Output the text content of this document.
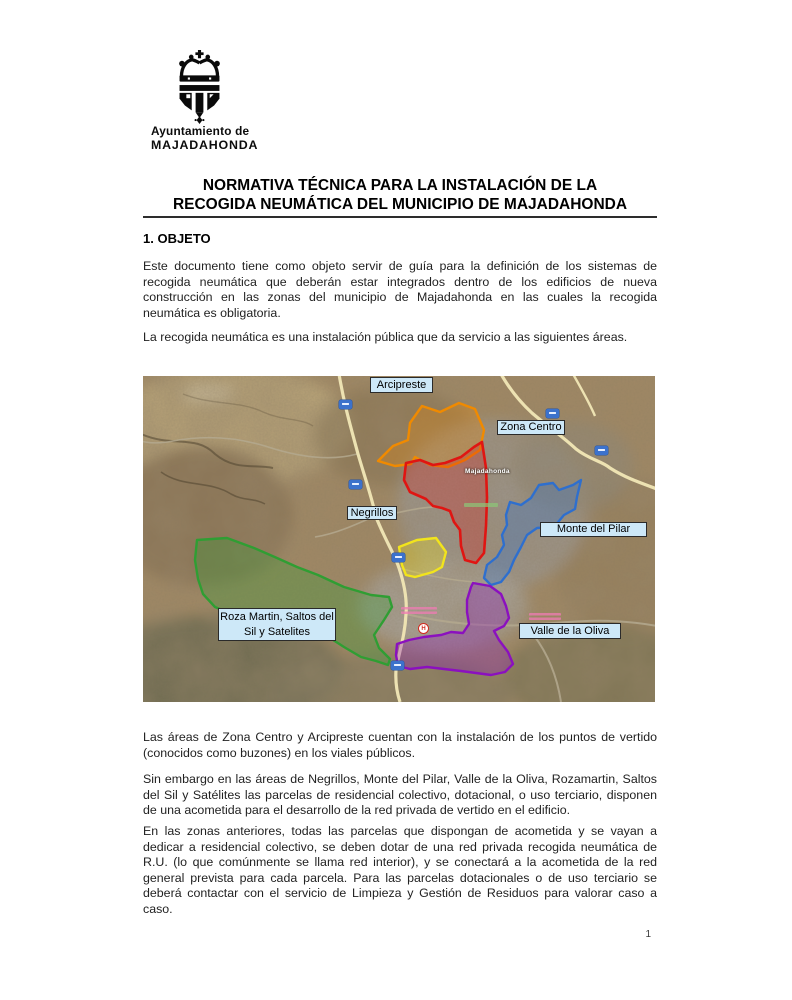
Ayuntamiento de
MAJADAHONDA
NORMATIVA TÉCNICA PARA LA INSTALACIÓN DE LA
RECOGIDA NEUMÁTICA DEL MUNICIPIO DE MAJADAHONDA
1. OBJETO

Este documento tiene como objeto servir de guía para la definición de los sistemas de recogida neumática que deberán estar integrados dentro de los edificios de nueva construcción en las zonas del municipio de Majadahonda en las cuales la recogida neumática es obligatoria.

La recogida neumática es una instalación pública que da servicio a las siguientes áreas.

Majadahonda
H
Arcipreste
Zona Centro
Negrillos
Monte del Pilar
Roza Martin, Saltos del
Sil y Satelites	Valle de la Oliva

Las áreas de Zona Centro y Arcipreste cuentan con la instalación de los puntos de vertido (conocidos como buzones) en los viales públicos.

Sin embargo en las áreas de Negrillos, Monte del Pilar, Valle de la Oliva, Rozamartin, Saltos del Sil y Satélites las parcelas de residencial colectivo, dotacional, o uso terciario, disponen de una acometida para el desarrollo de la red privada de vertido en el edificio.

En las zonas anteriores, todas las parcelas que dispongan de acometida y se vayan a dedicar a residencial colectivo, se deben dotar de una red privada recogida neumática de R.U. (lo que comúnmente se llama red interior), y se conectará a la acometida de la red general prevista para cada parcela. Para las parcelas dotacionales o de uso terciario se deberá contactar con el servicio de Limpieza y Gestión de Residuos para valorar caso a caso.

1
